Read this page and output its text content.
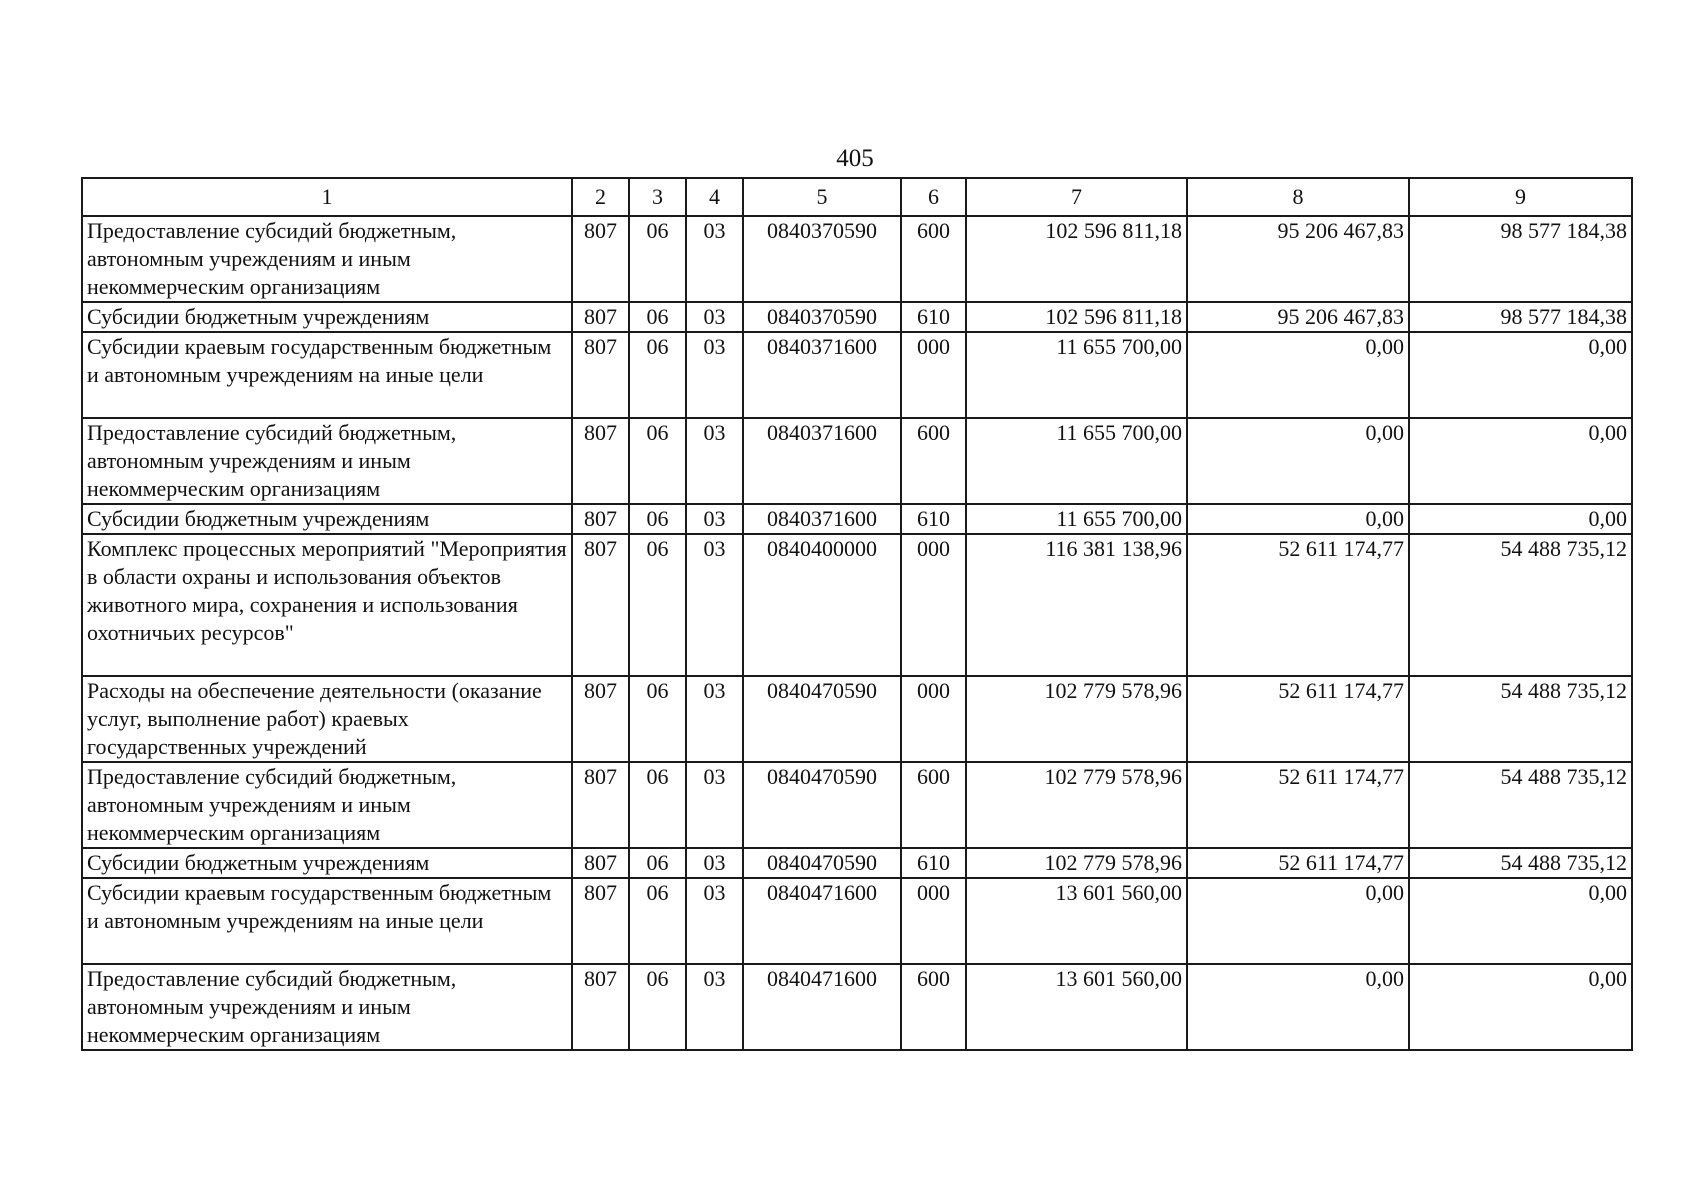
405
1	2	3	4	5	6	7	8	9
Предоставление субсидий бюджетным, автономным учреждениям и иным некоммерческим организациям	807	06	03	0840370590	600	102 596 811,18	95 206 467,83	98 577 184,38
Субсидии бюджетным учреждениям	807	06	03	0840370590	610	102 596 811,18	95 206 467,83	98 577 184,38
Субсидии краевым государственным бюджетным и автономным учреждениям на иные цели	807	06	03	0840371600	000	11 655 700,00	0,00	0,00
Предоставление субсидий бюджетным, автономным учреждениям и иным некоммерческим организациям	807	06	03	0840371600	600	11 655 700,00	0,00	0,00
Субсидии бюджетным учреждениям	807	06	03	0840371600	610	11 655 700,00	0,00	0,00
Комплекс процессных мероприятий "Мероприятия в области охраны и использования объектов животного мира, сохранения и использования охотничьих ресурсов"	807	06	03	0840400000	000	116 381 138,96	52 611 174,77	54 488 735,12
Расходы на обеспечение деятельности (оказание услуг, выполнение работ) краевых государственных учреждений	807	06	03	0840470590	000	102 779 578,96	52 611 174,77	54 488 735,12
Предоставление субсидий бюджетным, автономным учреждениям и иным некоммерческим организациям	807	06	03	0840470590	600	102 779 578,96	52 611 174,77	54 488 735,12
Субсидии бюджетным учреждениям	807	06	03	0840470590	610	102 779 578,96	52 611 174,77	54 488 735,12
Субсидии краевым государственным бюджетным и автономным учреждениям на иные цели	807	06	03	0840471600	000	13 601 560,00	0,00	0,00
Предоставление субсидий бюджетным, автономным учреждениям и иным некоммерческим организациям	807	06	03	0840471600	600	13 601 560,00	0,00	0,00
